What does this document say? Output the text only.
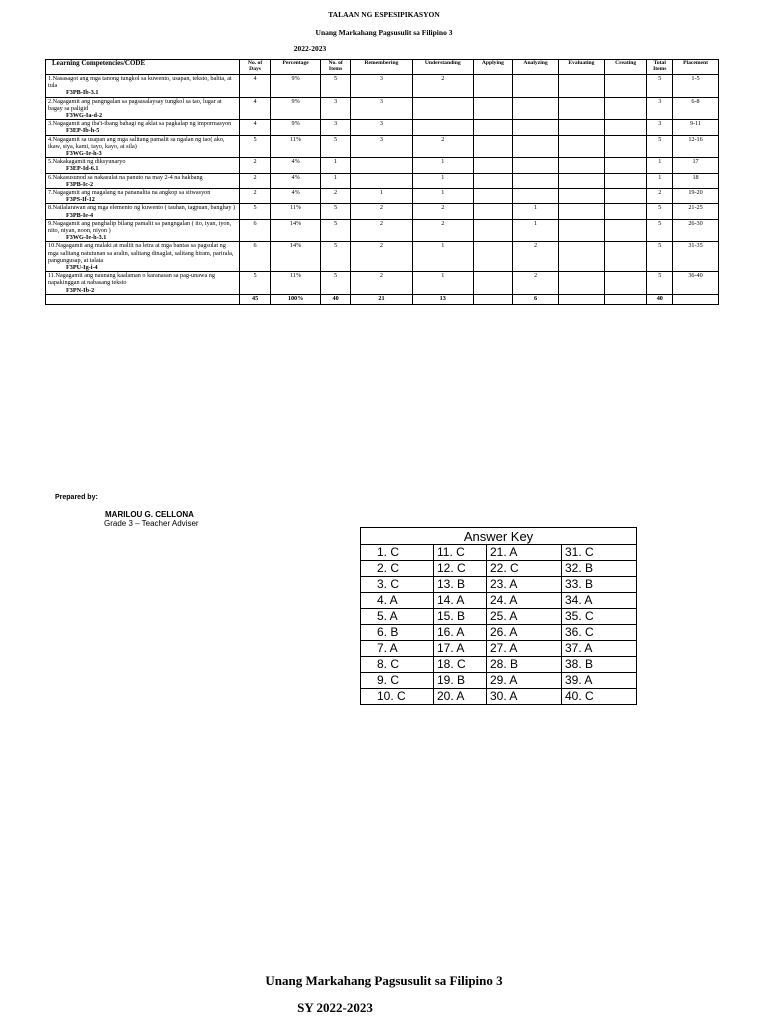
TALAAN NG ESPESIPIKASYON
Unang Markahang Pagsusulit sa Filipino 3
2022-2023
Learning Competencies/CODE	No. of Days	Percentage	No. of Items	Remembering	Understanding	Applying	Analyzing	Evaluating	Creating	Total Items	Placement
1.Nasasagot ang mga tanong tungkol sa kuwento, usapan, teksto, balita, at tula
F3PB-Ib-3.1	4	9%	5	3	2					5	1-5
2.Nagagamit ang pangngalan sa pagsasalaysay tungkol sa tao, lugar at bagay sa paligid
F3WG-Ia-d-2	4	9%	3	3						3	6-8
3.Nagagamit ang iba't-ibang bahagi ng aklat sa pagkalap ng impormasyon
F3EP-Ib-h-5	4	9%	3	3						3	9-11
4.Nagagamit sa usapan ang mga salitang pamalit sa ngalan ng tao( ako, ikaw, siya, kami, tayo, kayo, at sila)
F3WG-Ie-h-3	5	11%	5	3	2					5	12-16
5.Nakakagamit ng diksyunaryo
F3EP-Id-6.1	2	4%	1		1					1	17
6.Nakasusunod sa nakasulat na panuto na may 2-4 na hakbang
F3PB-Ic-2	2	4%	1		1					1	18
7.Nagagamit ang magalang na pananalita na angkop sa sitwasyon
F3PS-If-12	2	4%	2	1	1					2	19-20
8.Nailalarawan ang mga elemento ng kuwento ( tauhan, tagpuan, banghay )
F3PB-Ie-4	5	11%	5	2	2		1			5	21-25
9.Nagagamit ang panghalip bilang pamalit sa pangngalan ( ito, iyan, iyon, nito, niyan, noon, niyon )
F3WG-Ie-h-3.1	6	14%	5	2	2		1			5	26-30
10.Nagagamit ang malaki at maliit na letra at mga bantas sa pagsulat ng mga salitang natutunan sa aralin, salitang dinaglat, salitang hiram, parirala, pangungusap, at talata
F3PU-Ig-i-4	6	14%	5	2	1		2			5	31-35
11.Nagagamit ang naunang kaalaman o karanasan sa pag-unawa ng napakinggan at nabasang teksto
F3PN-Ib-2	5	11%	5	2	1		2			5	36-40
	45	100%	40	21	13		6			40	
Prepared by:
MARILOU G. CELLONA
Grade 3 – Teacher Adviser
Answer Key			
1. C	11. C	21. A	31. C
2. C	12. C	22. C	32. B
3. C	13. B	23. A	33. B
4. A	14. A	24. A	34. A
5. A	15. B	25. A	35. C
6. B	16. A	26. A	36. C
7. A	17. A	27. A	37. A
8. C	18. C	28. B	38. B
9. C	19. B	29. A	39. A
10. C	20. A	30. A	40. C
Unang Markahang Pagsusulit sa Filipino 3
SY 2022-2023
